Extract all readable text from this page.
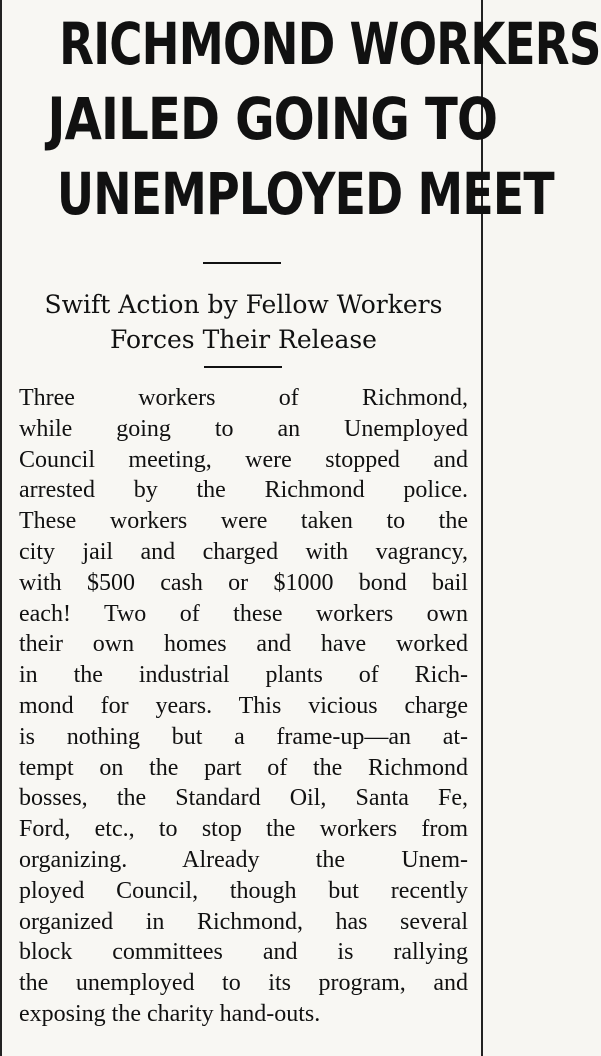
RICHMOND WORKERS
JAILED GOING TO
UNEMPLOYED MEET
Swift Action by Fellow Workers
Forces Their Release
Three workers of Richmond,
while going to an Unemployed
Council meeting, were stopped and
arrested by the Richmond police.
These workers were taken to the
city jail and charged with vagrancy,
with $500 cash or $1000 bond bail
each! Two of these workers own
their own homes and have worked
in the industrial plants of Rich-
mond for years. This vicious charge
is nothing but a frame-up—an at-
tempt on the part of the Richmond
bosses, the Standard Oil, Santa Fe,
Ford, etc., to stop the workers from
organizing. Already the Unem-
ployed Council, though but recently
organized in Richmond, has several
block committees and is rallying
the unemployed to its program, and
exposing the charity hand-outs.
